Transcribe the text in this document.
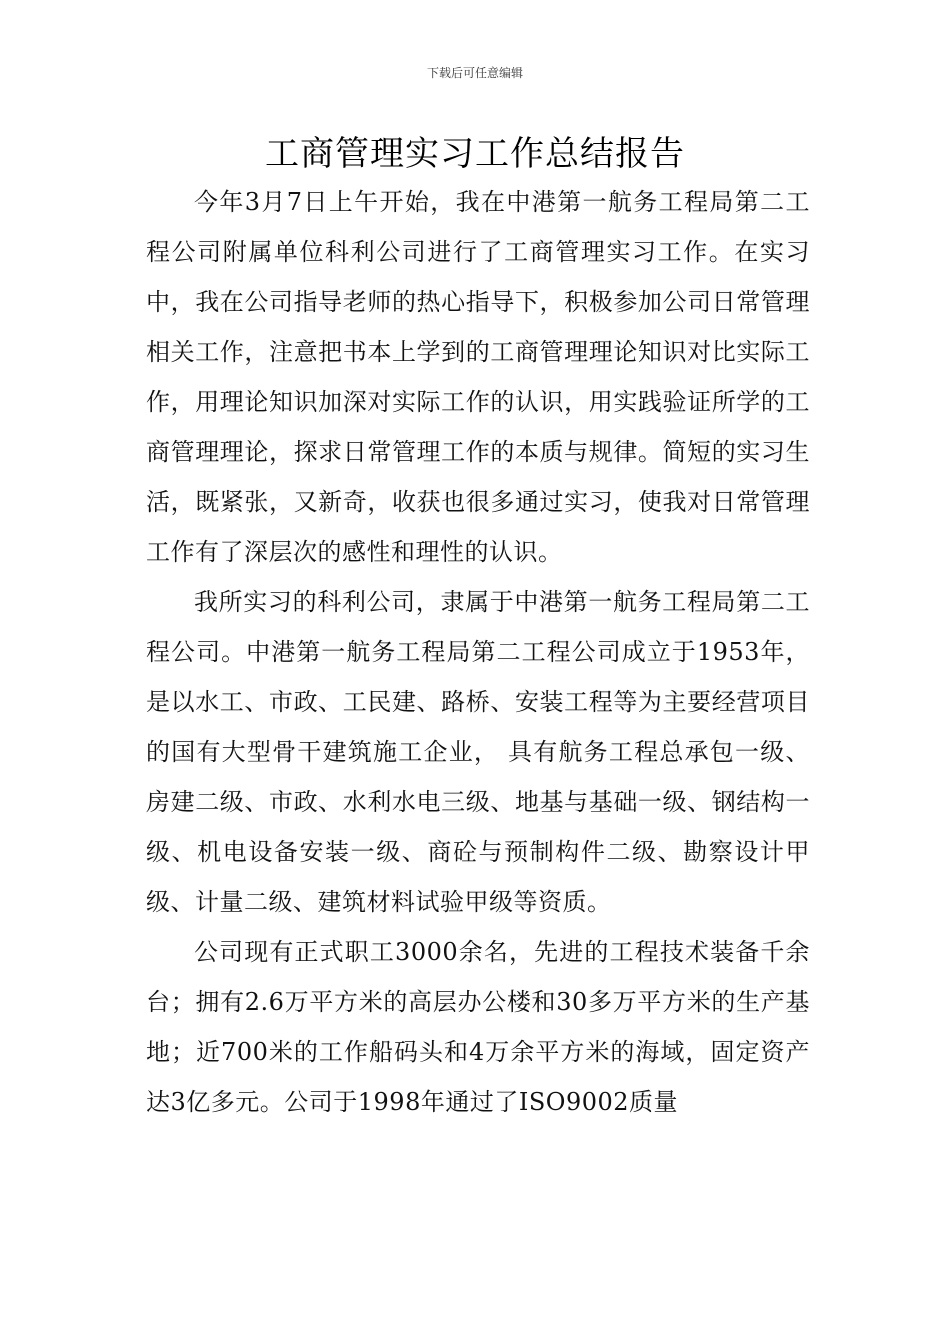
下载后可任意编辑
工商管理实习工作总结报告

今年3月7日上午开始，我在中港第一航务工程局第二工程公司附属单位科利公司进行了工商管理实习工作。在实习中，我在公司指导老师的热心指导下，积极参加公司日常管理相关工作，注意把书本上学到的工商管理理论知识对比实际工作，用理论知识加深对实际工作的认识，用实践验证所学的工商管理理论，探求日常管理工作的本质与规律。简短的实习生活，既紧张，又新奇，收获也很多通过实习，使我对日常管理工作有了深层次的感性和理性的认识。

我所实习的科利公司，隶属于中港第一航务工程局第二工程公司。中港第一航务工程局第二工程公司成立于1953年，是以水工、市政、工民建、路桥、安装工程等为主要经营项目的国有大型骨干建筑施工企业， 具有航务工程总承包一级、房建二级、市政、水利水电三级、地基与基础一级、钢结构一级、机电设备安装一级、商砼与预制构件二级、勘察设计甲级、计量二级、建筑材料试验甲级等资质。

公司现有正式职工3000余名，先进的工程技术装备千余台；拥有2.6万平方米的高层办公楼和30多万平方米的生产基地；近700米的工作船码头和4万余平方米的海域，固定资产达3亿多元。公司于1998年通过了ISO9002质量
